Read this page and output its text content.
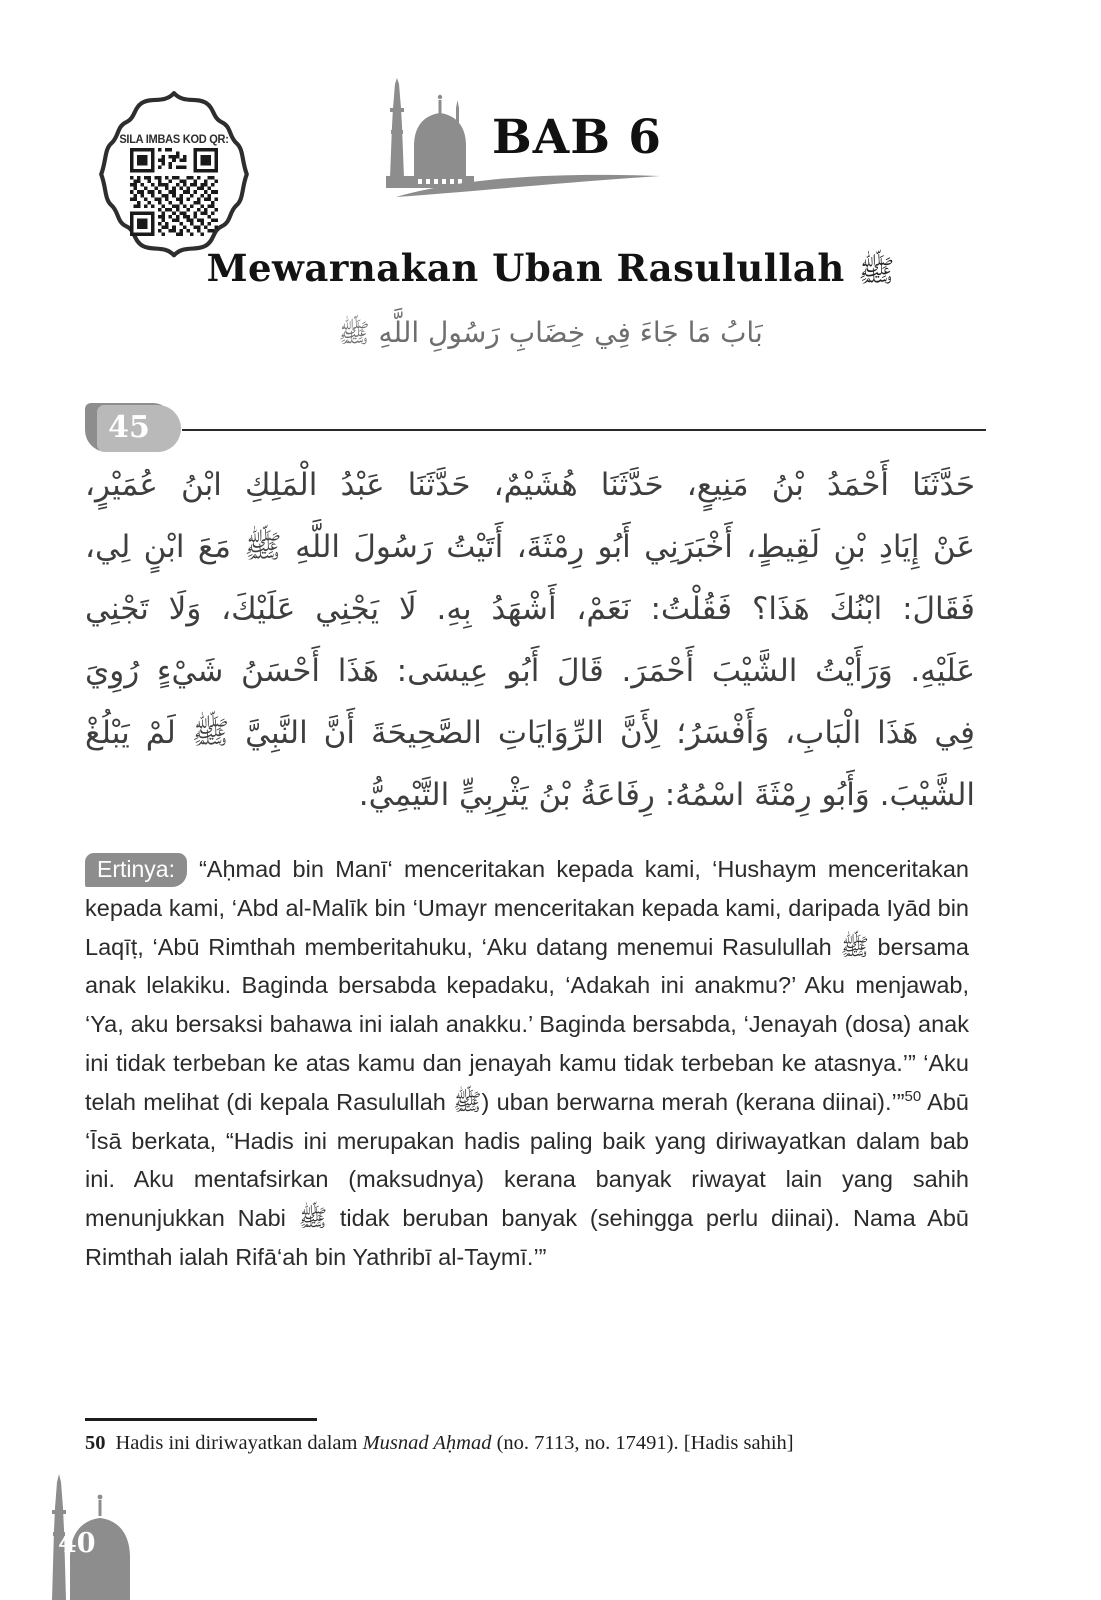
SILA IMBAS KOD QR:	BAB 6
Mewarnakan Uban Rasulullah ﷺ
بَابُ مَا جَاءَ فِي خِضَابِ رَسُولِ اللَّهِ ﷺ
45
حَدَّثَنَا أَحْمَدُ بْنُ مَنِيعٍ، حَدَّثَنَا هُشَيْمٌ، حَدَّثَنَا عَبْدُ الْمَلِكِ ابْنُ عُمَيْرٍ،
عَنْ إِيَادِ بْنِ لَقِيطٍ، أَخْبَرَنِي أَبُو رِمْثَةَ، أَتَيْتُ رَسُولَ اللَّهِ ﷺ مَعَ ابْنٍ لِي،
فَقَالَ: ابْنُكَ هَذَا؟ فَقُلْتُ: نَعَمْ، أَشْهَدُ بِهِ. لَا يَجْنِي عَلَيْكَ، وَلَا تَجْنِي
عَلَيْهِ. وَرَأَيْتُ الشَّيْبَ أَحْمَرَ. قَالَ أَبُو عِيسَى: هَذَا أَحْسَنُ شَيْءٍ رُوِيَ
فِي هَذَا الْبَابِ، وَأَفْسَرُ؛ لِأَنَّ الرِّوَايَاتِ الصَّحِيحَةَ أَنَّ النَّبِيَّ ﷺ لَمْ يَبْلُغْ
الشَّيْبَ. وَأَبُو رِمْثَةَ اسْمُهُ: رِفَاعَةُ بْنُ يَثْرِبِيٍّ التَّيْمِيُّ.

Ertinya: “Aḥmad bin Manī‘ menceritakan kepada kami, ‘Hushaym menceritakan kepada kami, ‘Abd al-Malīk bin ‘Umayr menceritakan kepada kami, daripada Iyād bin Laqīṭ, ‘Abū Rimthah memberitahuku, ‘Aku datang menemui Rasulullah ﷺ bersama anak lelakiku. Baginda bersabda kepadaku, ‘Adakah ini anakmu?’ Aku menjawab, ‘Ya, aku bersaksi bahawa ini ialah anakku.’ Baginda bersabda, ‘Jenayah (dosa) anak ini tidak terbeban ke atas kamu dan jenayah kamu tidak terbeban ke atasnya.’” ‘Aku telah melihat (di kepala Rasulullah ﷺ) uban berwarna merah (kerana diinai).’”$^{50}$ Abū ‘Īsā berkata, “Hadis ini merupakan hadis paling baik yang diriwayatkan dalam bab ini. Aku mentafsirkan (maksudnya) kerana banyak riwayat lain yang sahih menunjukkan Nabi ﷺ tidak beruban banyak (sehingga perlu diinai). Nama Abū Rimthah ialah Rifā‘ah bin Yathribī al-Taymī.’”

50 Hadis ini diriwayatkan dalam Musnad Aḥmad (no. 7113, no. 17491). [Hadis sahih]
40
